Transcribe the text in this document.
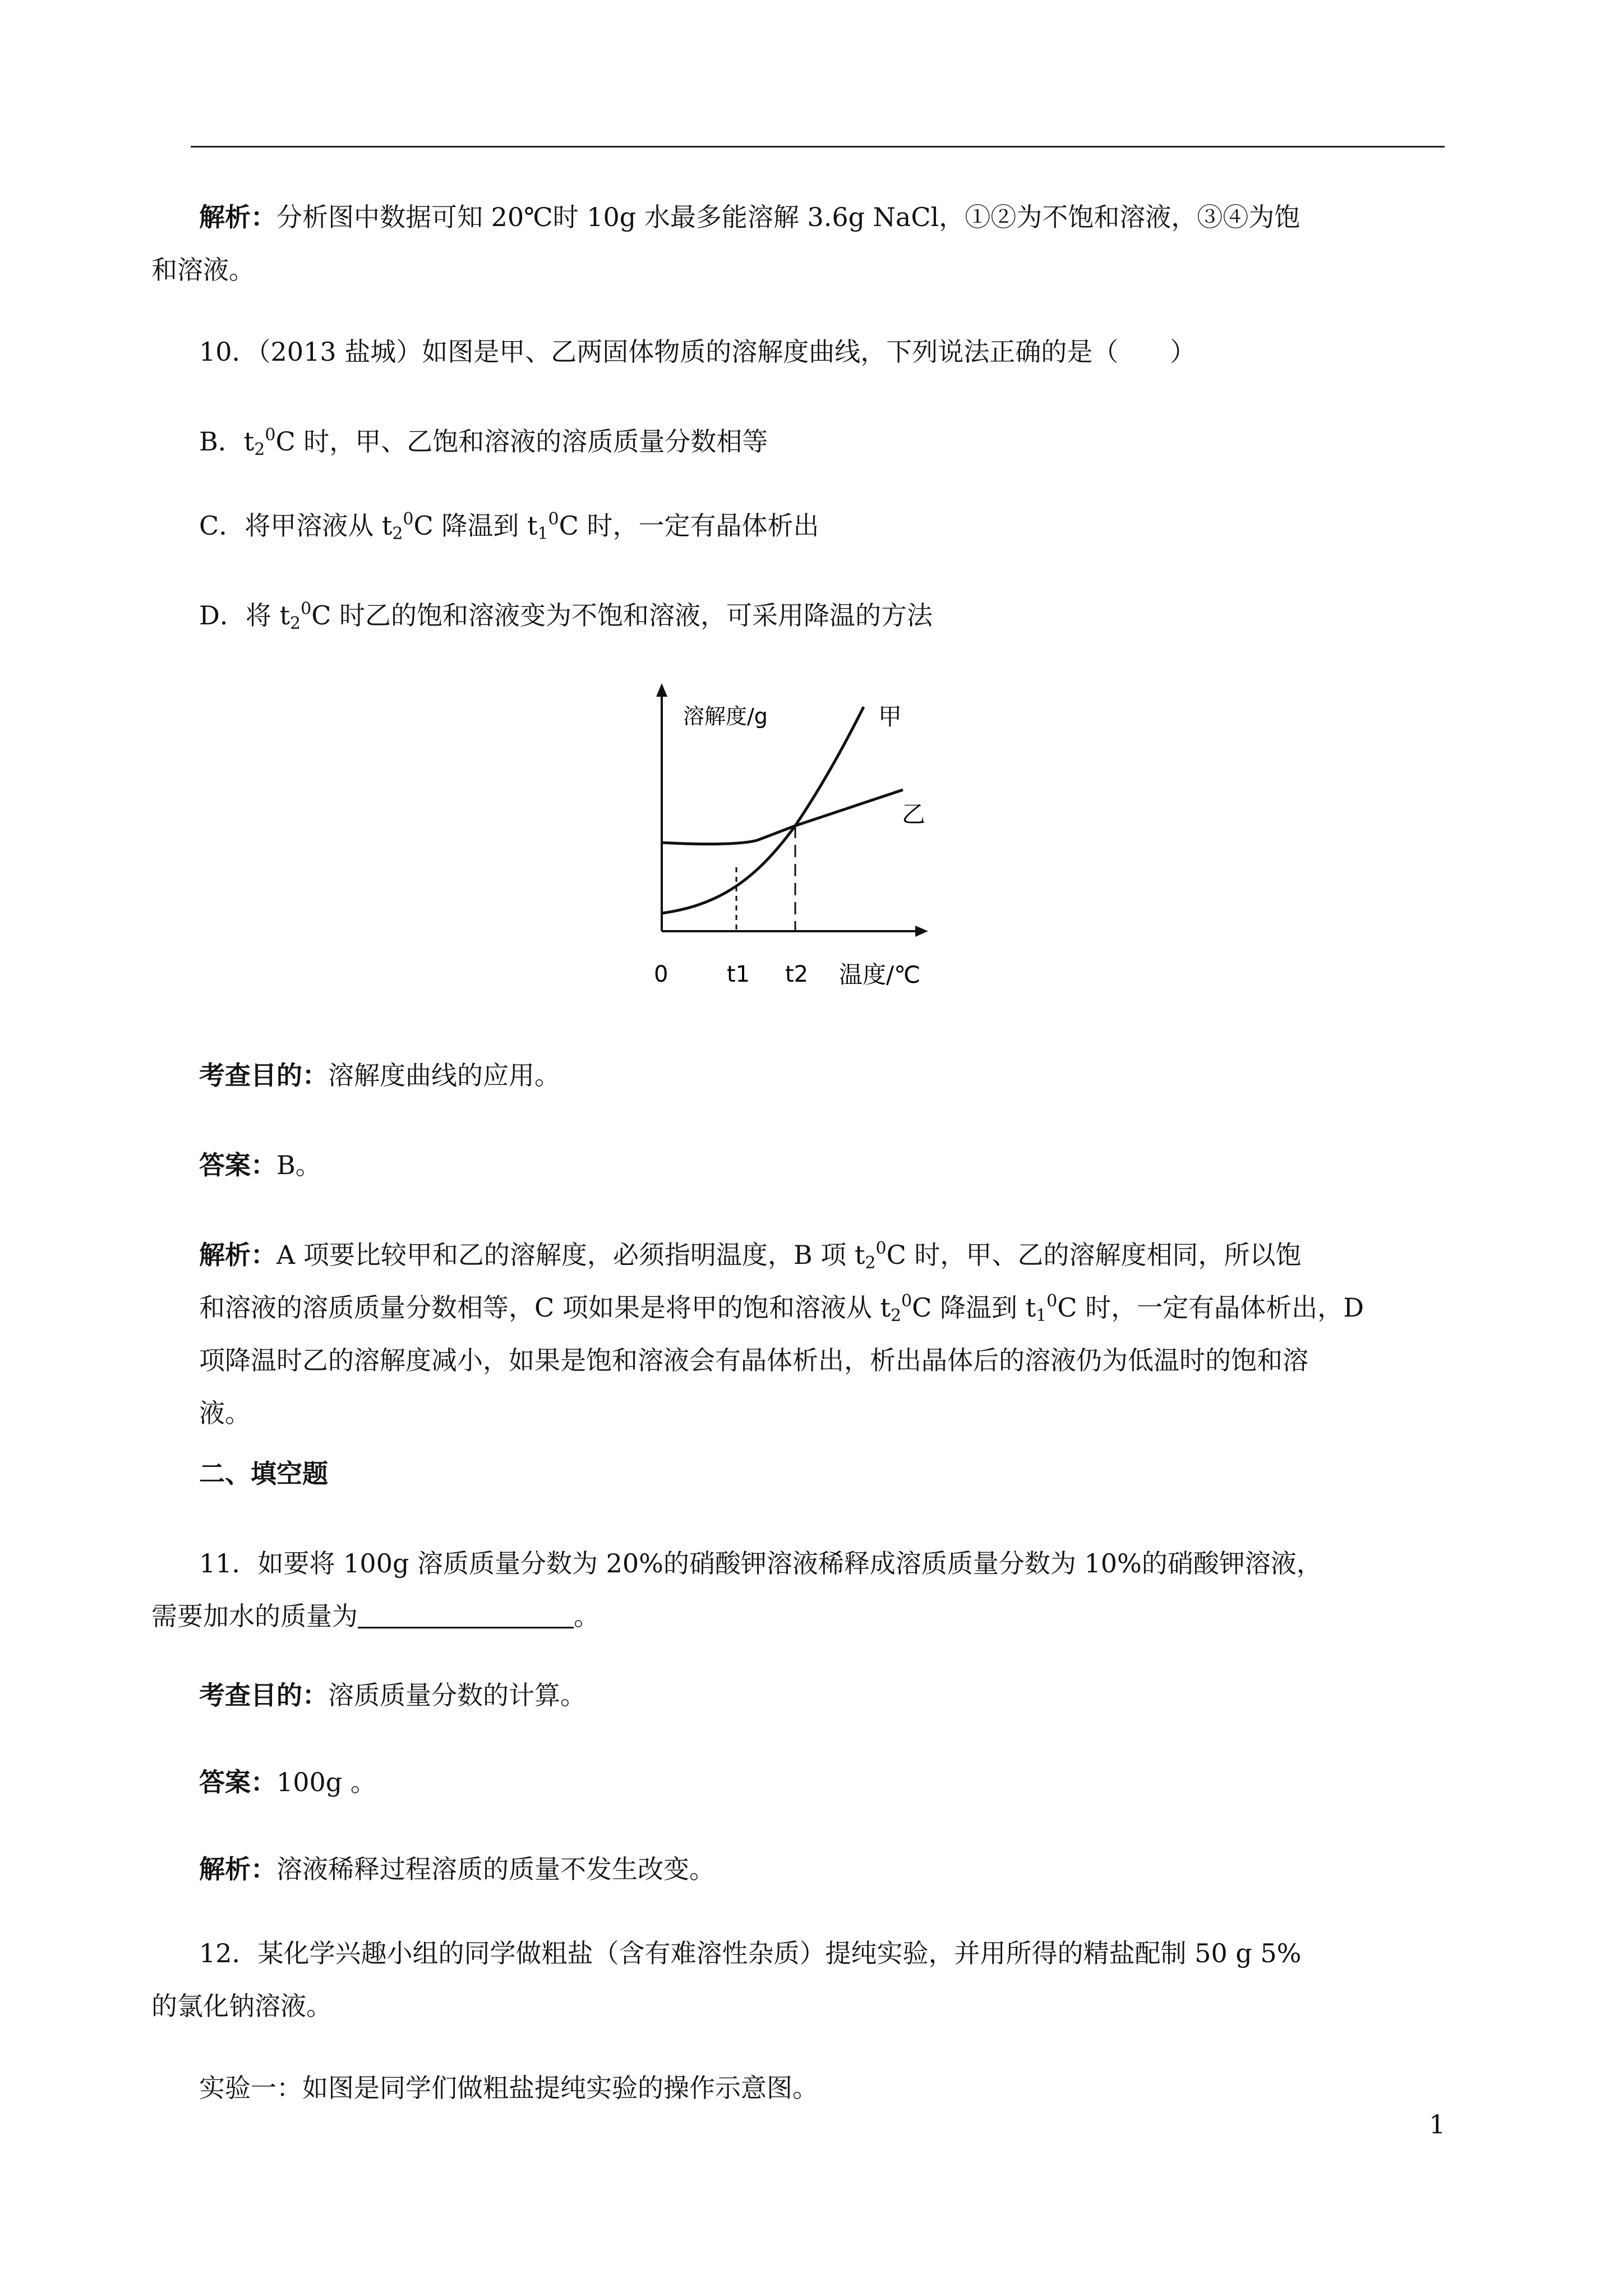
解析：分析图中数据可知 20℃时 10g 水最多能溶解 3.6g NaCl，①②为不饱和溶液，③④为饱
和溶液。

10．（2013 盐城）如图是甲、乙两固体物质的溶解度曲线，下列说法正确的是（　　）

B．$t_2^0C$ 时，甲、乙饱和溶液的溶质质量分数相等

C．将甲溶液从 $t_2^0C$ 降温到 $t_1^0C$ 时，一定有晶体析出

D．将 $t_2^0C$ 时乙的饱和溶液变为不饱和溶液，可采用降温的方法

溶解度/g	甲
乙
0	t1 t2 温度/℃

考查目的：溶解度曲线的应用。

答案：B。

解析：A 项要比较甲和乙的溶解度，必须指明温度，B 项 $t_2^0C$ 时，甲、乙的溶解度相同，所以饱
和溶液的溶质质量分数相等，C 项如果是将甲的饱和溶液从 $t_2^0C$ 降温到 $t_1^0C$ 时，一定有晶体析出，D
项降温时乙的溶解度减小，如果是饱和溶液会有晶体析出，析出晶体后的溶液仍为低温时的饱和溶
液。

二、填空题

11．如要将 100g 溶质质量分数为 20%的硝酸钾溶液稀释成溶质质量分数为 10%的硝酸钾溶液，
需要加水的质量为	。

考查目的：溶质质量分数的计算。

答案：100g 。

解析：溶液稀释过程溶质的质量不发生改变。

12．某化学兴趣小组的同学做粗盐（含有难溶性杂质）提纯实验，并用所得的精盐配制 50 g 5%
的氯化钠溶液。

实验一：如图是同学们做粗盐提纯实验的操作示意图。

1
